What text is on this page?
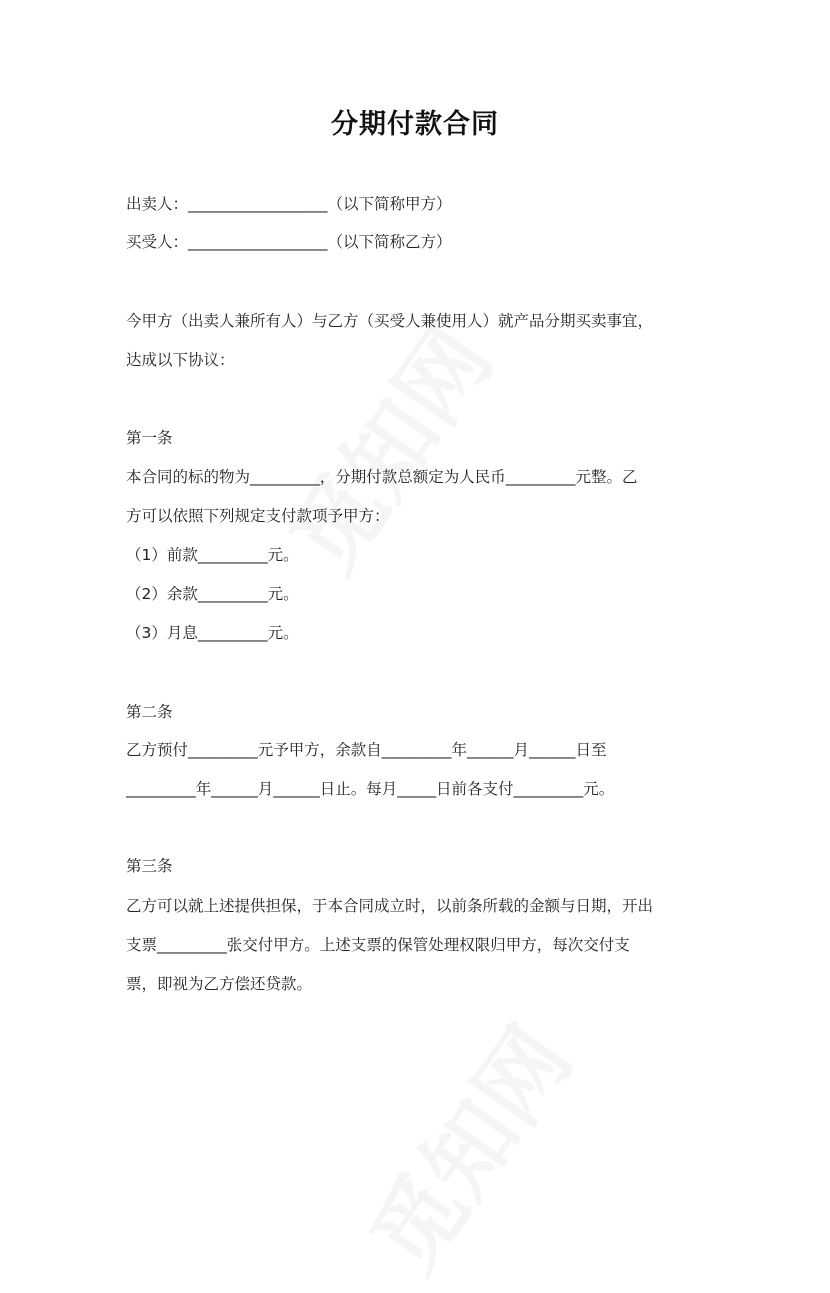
分期付款合同
出卖人：__________________（以下简称甲方）
买受人：__________________（以下简称乙方）
今甲方（出卖人兼所有人）与乙方（买受人兼使用人）就产品分期买卖事宜，
达成以下协议：
第一条
本合同的标的物为_________，分期付款总额定为人民币_________元整。乙
方可以依照下列规定支付款项予甲方：
（1）前款_________元。
（2）余款_________元。
（3）月息_________元。
第二条
乙方预付_________元予甲方，余款自_________年______月______日至
_________年______月______日止。每月_____日前各支付_________元。
第三条
乙方可以就上述提供担保，于本合同成立时，以前条所载的金额与日期，开出
支票_________张交付甲方。上述支票的保管处理权限归甲方，每次交付支
票，即视为乙方偿还贷款。
